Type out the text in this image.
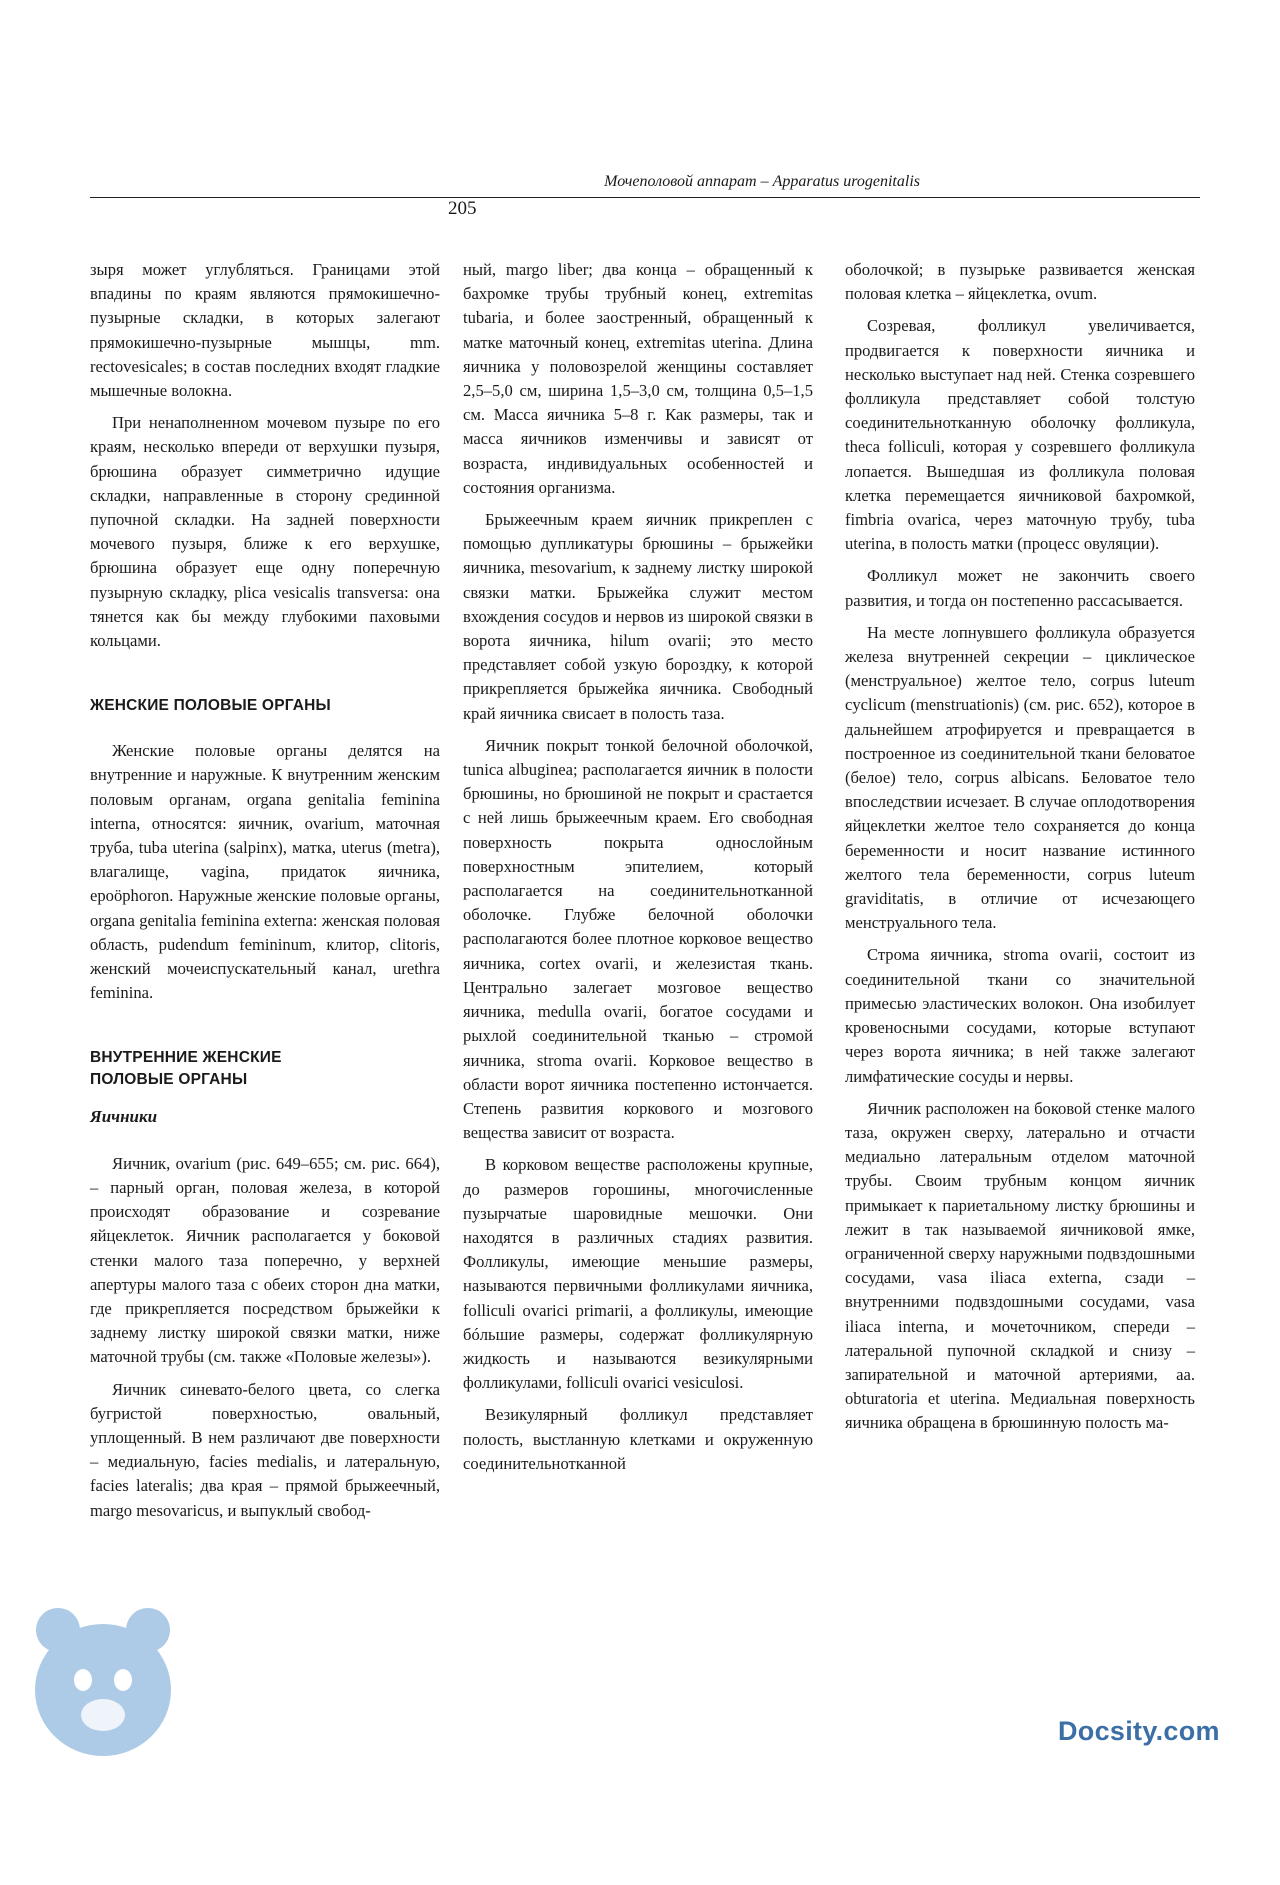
Мочеполовой аппарат – Apparatus urogenitalis
205

зыря может углубляться. Границами этой впадины по краям являются прямокишечно-пузырные складки, в которых залегают прямокишечно-пузырные мышцы, mm. rectovesicales; в состав последних входят гладкие мышечные волокна.

При ненаполненном мочевом пузыре по его краям, несколько впереди от верхушки пузыря, брюшина образует симметрично идущие складки, направленные в сторону срединной пупочной складки. На задней поверхности мочевого пузыря, ближе к его верхушке, брюшина образует еще одну поперечную пузырную складку, plica vesicalis transversa: она тянется как бы между глубокими паховыми кольцами.

ЖЕНСКИЕ ПОЛОВЫЕ ОРГАНЫ

Женские половые органы делятся на внутренние и наружные. К внутренним женским половым органам, organa genitalia feminina interna, относятся: яичник, ovarium, маточная труба, tuba uterina (salpinx), матка, uterus (metra), влагалище, vagina, придаток яичника, epoöphoron. Наружные женские половые органы, organa genitalia feminina externa: женская половая область, pudendum femininum, клитор, clitoris, женский мочеиспускательный канал, urethra feminina.

ВНУТРЕННИЕ ЖЕНСКИЕ
ПОЛОВЫЕ ОРГАНЫ
Яичники

Яичник, ovarium (рис. 649–655; см. рис. 664), – парный орган, половая железа, в которой происходят образование и созревание яйцеклеток. Яичник располагается у боковой стенки малого таза поперечно, у верхней апертуры малого таза с обеих сторон дна матки, где прикрепляется посредством брыжейки к заднему листку широкой связки матки, ниже маточной трубы (см. также «Половые железы»).

Яичник синевато-белого цвета, со слегка бугристой поверхностью, овальный, уплощенный. В нем различают две поверхности – медиальную, facies medialis, и латеральную, facies lateralis; два края – прямой брыжеечный, margo mesovaricus, и выпуклый свобод-

ный, margo liber; два конца – обращенный к бахромке трубы трубный конец, extremitas tubaria, и более заостренный, обращенный к матке маточный конец, extremitas uterina. Длина яичника у половозрелой женщины составляет 2,5–5,0 см, ширина 1,5–3,0 см, толщина 0,5–1,5 см. Масса яичника 5–8 г. Как размеры, так и масса яичников изменчивы и зависят от возраста, индивидуальных особенностей и состояния организма.

Брыжеечным краем яичник прикреплен с помощью дупликатуры брюшины – брыжейки яичника, mesovarium, к заднему листку широкой связки матки. Брыжейка служит местом вхождения сосудов и нервов из широкой связки в ворота яичника, hilum ovarii; это место представляет собой узкую бороздку, к которой прикрепляется брыжейка яичника. Свободный край яичника свисает в полость таза.

Яичник покрыт тонкой белочной оболочкой, tunica albuginea; располагается яичник в полости брюшины, но брюшиной не покрыт и срастается с ней лишь брыжеечным краем. Его свободная поверхность покрыта однослойным поверхностным эпителием, который располагается на соединительнотканной оболочке. Глубже белочной оболочки располагаются более плотное корковое вещество яичника, cortex ovarii, и железистая ткань. Центрально залегает мозговое вещество яичника, medulla ovarii, богатое сосудами и рыхлой соединительной тканью – стромой яичника, stroma ovarii. Корковое вещество в области ворот яичника постепенно истончается. Степень развития коркового и мозгового вещества зависит от возраста.

В корковом веществе расположены крупные, до размеров горошины, многочисленные пузырчатые шаровидные мешочки. Они находятся в различных стадиях развития. Фолликулы, имеющие меньшие размеры, называются первичными фолликулами яичника, folliculi ovarici primarii, а фолликулы, имеющие бóльшие размеры, содержат фолликулярную жидкость и называются везикулярными фолликулами, folliculi ovarici vesiculosi.

Везикулярный фолликул представляет полость, выстланную клетками и окруженную соединительнотканной

оболочкой; в пузырьке развивается женская половая клетка – яйцеклетка, ovum.

Созревая, фолликул увеличивается, продвигается к поверхности яичника и несколько выступает над ней. Стенка созревшего фолликула представляет собой толстую соединительнотканную оболочку фолликула, theca folliculi, которая у созревшего фолликула лопается. Вышедшая из фолликула половая клетка перемещается яичниковой бахромкой, fimbria ovarica, через маточную трубу, tuba uterina, в полость матки (процесс овуляции).

Фолликул может не закончить своего развития, и тогда он постепенно рассасывается.

На месте лопнувшего фолликула образуется железа внутренней секреции – циклическое (менструальное) желтое тело, corpus luteum cyclicum (menstruationis) (см. рис. 652), которое в дальнейшем атрофируется и превращается в построенное из соединительной ткани беловатое (белое) тело, corpus albicans. Беловатое тело впоследствии исчезает. В случае оплодотворения яйцеклетки желтое тело сохраняется до конца беременности и носит название истинного желтого тела беременности, corpus luteum graviditatis, в отличие от исчезающего менструального тела.

Строма яичника, stroma ovarii, состоит из соединительной ткани со значительной примесью эластических волокон. Она изобилует кровеносными сосудами, которые вступают через ворота яичника; в ней также залегают лимфатические сосуды и нервы.

Яичник расположен на боковой стенке малого таза, окружен сверху, латерально и отчасти медиально латеральным отделом маточной трубы. Своим трубным концом яичник примыкает к париетальному листку брюшины и лежит в так называемой яичниковой ямке, ограниченной сверху наружными подвздошными сосудами, vasa iliaca externa, сзади – внутренними подвздошными сосудами, vasa iliaca interna, и мочеточником, спереди – латеральной пупочной складкой и снизу – запирательной и маточной артериями, aa. obturatoria et uterina. Медиальная поверхность яичника обращена в брюшинную полость ма-

Docsity.com
